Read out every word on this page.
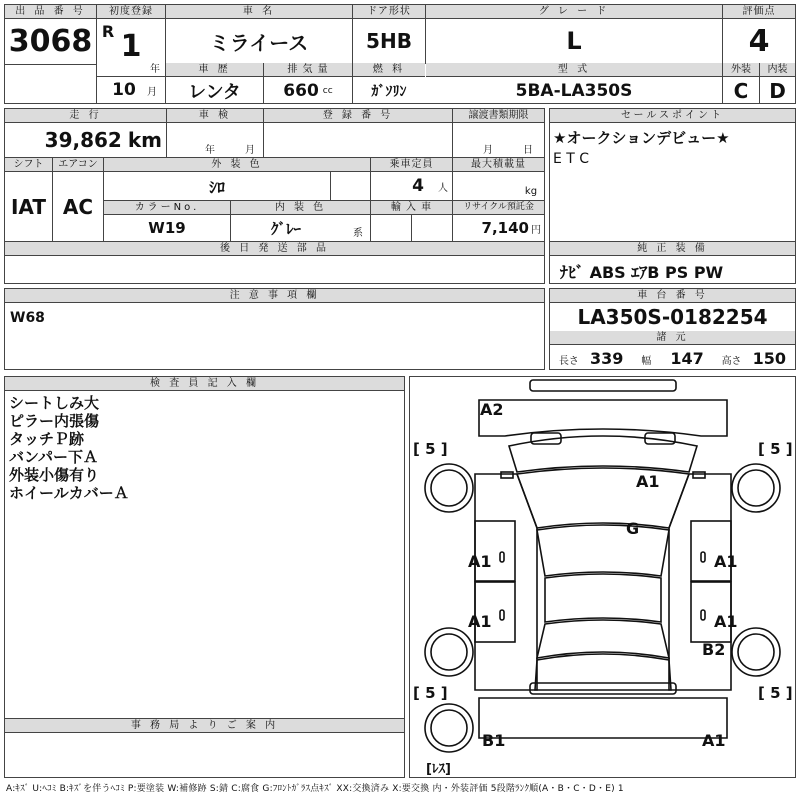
出 品 番 号
3068
初度登録
R 1
年
10	月
車 名
ミライース
ドア形状
5HB
グ レ ー ド
L
評価点
4
車 歴	排 気 量	燃 料	型 式	外装	内装
レンタ	660 cc	ｶﾞｿﾘﾝ	5BA-LA350S	C	D
走 行	車 検	登 録 番 号	譲渡書類期限
39,862 km	年	月	月	日
シフト	エアコン	外 装 色	乗車定員	最大積載量
IAT AC
ｼﾛ	4 人	kg
カラーNo.	内 装 色	輸 入 車	リサイクル預託金
W19	ｸﾞﾚｰ	系	7,140 円
後 日 発 送 部 品
セールスポイント
★オークションデビュー★
E T C
純 正 装 備
ﾅﾋﾞ ABS ｴｱB PS PW
注 意 事 項 欄
W68
車 台 番 号
LA350S-0182254
諸 元
長さ 339 幅 147 高さ 150
検 査 員 記 入 欄
シートしみ大
ピラー内張傷
タッチＰ跡
バンパー下Ａ
外装小傷有り
ホイールカバーＡ
事 務 局 よ り ご 案 内
[ 5 ]	[ 5 ]
[ 5 ]	[ 5 ]
A2
A1
G
A1	A1
A1	A1
B2
B1	A1
[ﾚｽ]
A:ｷｽﾞ U:ﾍｺﾐ B:ｷｽﾞを伴うﾍｺﾐ P:要塗装 W:補修跡 S:錆 C:腐食 G:ﾌﾛﾝﾄｶﾞﾗｽ点ｷｽﾞ XX:交換済み X:要交換 内・外装評価 5段階ﾗﾝｸ順(A・B・C・D・E) 1
